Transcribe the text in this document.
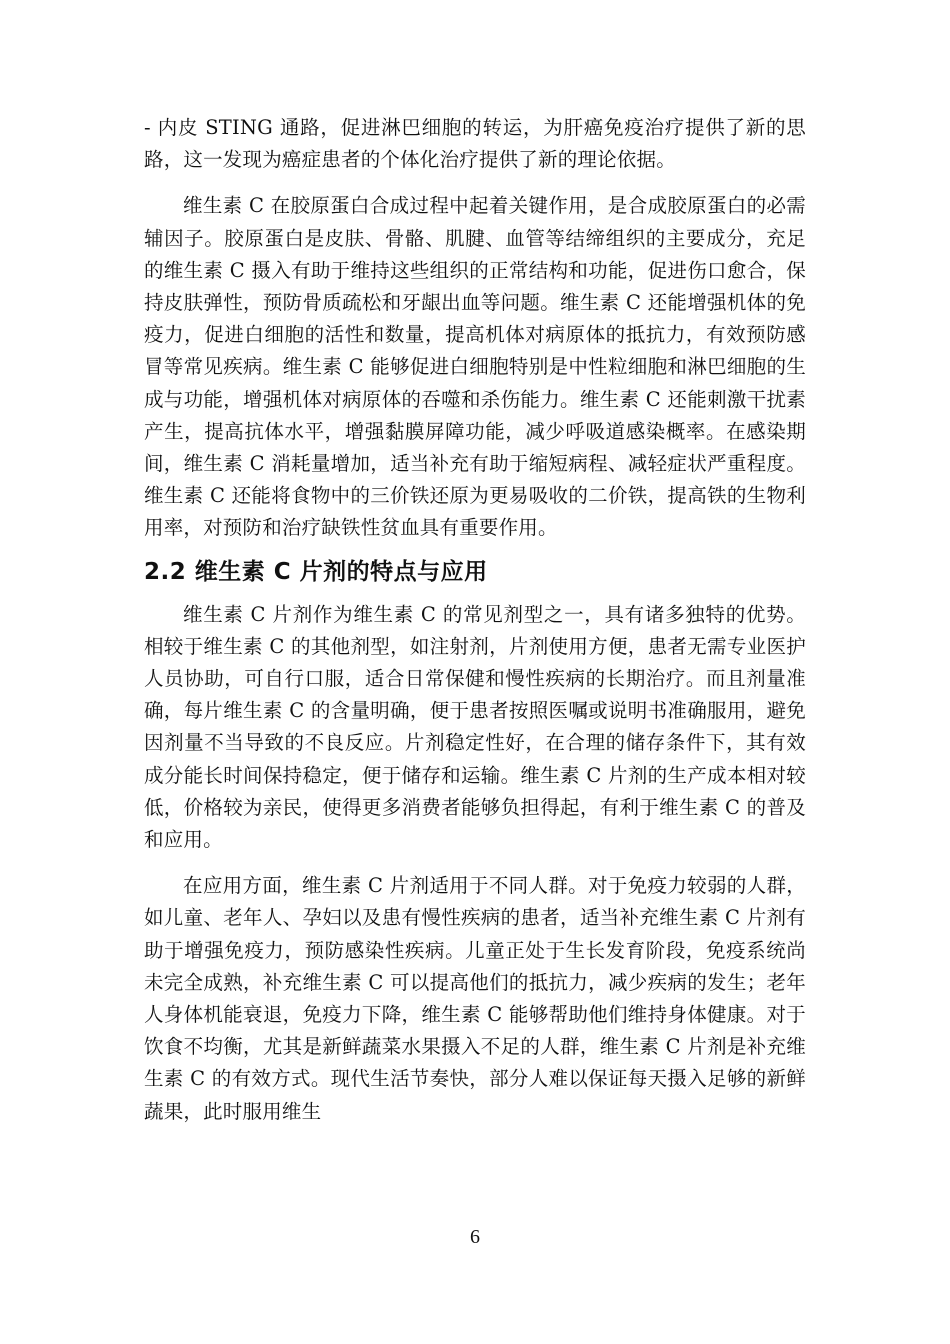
- 内皮 STING 通路，促进淋巴细胞的转运，为肝癌免疫治疗提供了新的思路，这一发现为癌症患者的个体化治疗提供了新的理论依据。

维生素 C 在胶原蛋白合成过程中起着关键作用，是合成胶原蛋白的必需辅因子。胶原蛋白是皮肤、骨骼、肌腱、血管等结缔组织的主要成分，充足的维生素 C 摄入有助于维持这些组织的正常结构和功能，促进伤口愈合，保持皮肤弹性，预防骨质疏松和牙龈出血等问题。维生素 C 还能增强机体的免疫力，促进白细胞的活性和数量，提高机体对病原体的抵抗力，有效预防感冒等常见疾病。维生素 C 能够促进白细胞特别是中性粒细胞和淋巴细胞的生成与功能，增强机体对病原体的吞噬和杀伤能力。维生素 C 还能刺激干扰素产生，提高抗体水平，增强黏膜屏障功能，减少呼吸道感染概率。在感染期间，维生素 C 消耗量增加，适当补充有助于缩短病程、减轻症状严重程度。维生素 C 还能将食物中的三价铁还原为更易吸收的二价铁，提高铁的生物利用率，对预防和治疗缺铁性贫血具有重要作用。

2.2 维生素 C 片剂的特点与应用

维生素 C 片剂作为维生素 C 的常见剂型之一，具有诸多独特的优势。相较于维生素 C 的其他剂型，如注射剂，片剂使用方便，患者无需专业医护人员协助，可自行口服，适合日常保健和慢性疾病的长期治疗。而且剂量准确，每片维生素 C 的含量明确，便于患者按照医嘱或说明书准确服用，避免因剂量不当导致的不良反应。片剂稳定性好，在合理的储存条件下，其有效成分能长时间保持稳定，便于储存和运输。维生素 C 片剂的生产成本相对较低，价格较为亲民，使得更多消费者能够负担得起，有利于维生素 C 的普及和应用。

在应用方面，维生素 C 片剂适用于不同人群。对于免疫力较弱的人群，如儿童、老年人、孕妇以及患有慢性疾病的患者，适当补充维生素 C 片剂有助于增强免疫力，预防感染性疾病。儿童正处于生长发育阶段，免疫系统尚未完全成熟，补充维生素 C 可以提高他们的抵抗力，减少疾病的发生；老年人身体机能衰退，免疫力下降，维生素 C 能够帮助他们维持身体健康。对于饮食不均衡，尤其是新鲜蔬菜水果摄入不足的人群，维生素 C 片剂是补充维生素 C 的有效方式。现代生活节奏快，部分人难以保证每天摄入足够的新鲜蔬果，此时服用维生

6
